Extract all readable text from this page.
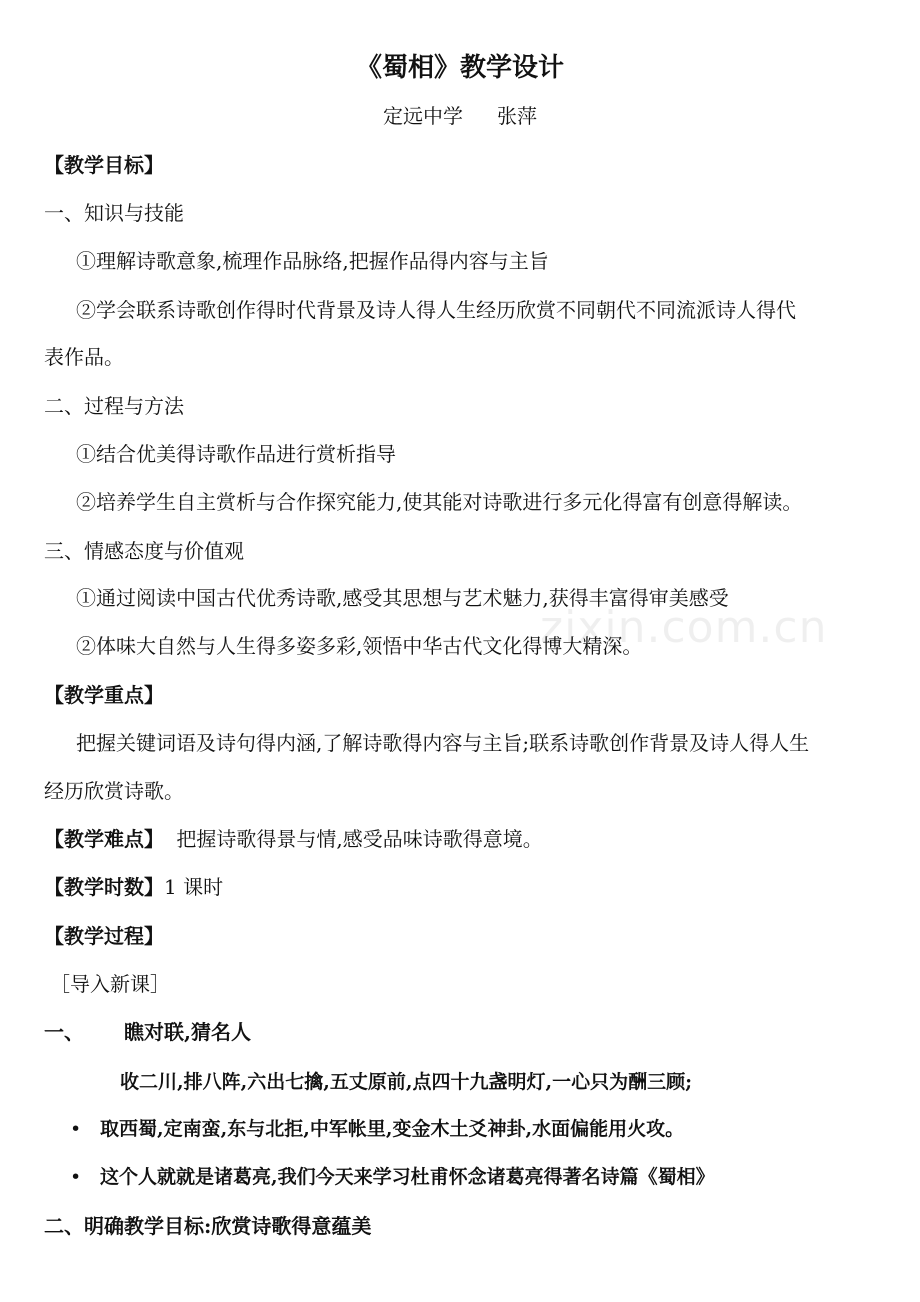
《蜀相》教学设计
定远中学 张萍
【教学目标】
一、知识与技能
①理解诗歌意象,梳理作品脉络,把握作品得内容与主旨
②学会联系诗歌创作得时代背景及诗人得人生经历欣赏不同朝代不同流派诗人得代
表作品。
二、过程与方法
①结合优美得诗歌作品进行赏析指导
②培养学生自主赏析与合作探究能力,使其能对诗歌进行多元化得富有创意得解读。
三、情感态度与价值观
①通过阅读中国古代优秀诗歌,感受其思想与艺术魅力,获得丰富得审美感受
②体味大自然与人生得多姿多彩,领悟中华古代文化得博大精深。
【教学重点】
把握关键词语及诗句得内涵,了解诗歌得内容与主旨;联系诗歌创作背景及诗人得人生
经历欣赏诗歌。
【教学难点】 把握诗歌得景与情,感受品味诗歌得意境。
【教学时数】1 课时
【教学过程】
［导入新课］
一、 瞧对联,猜名人
收二川,排八阵,六出七擒,五丈原前,点四十九盏明灯,一心只为酬三顾;
• 取西蜀,定南蛮,东与北拒,中军帐里,变金木土爻神卦,水面偏能用火攻。
• 这个人就就是诸葛亮,我们今天来学习杜甫怀念诸葛亮得著名诗篇《蜀相》
二、明确教学目标:欣赏诗歌得意蕴美
zixin.com.cn
